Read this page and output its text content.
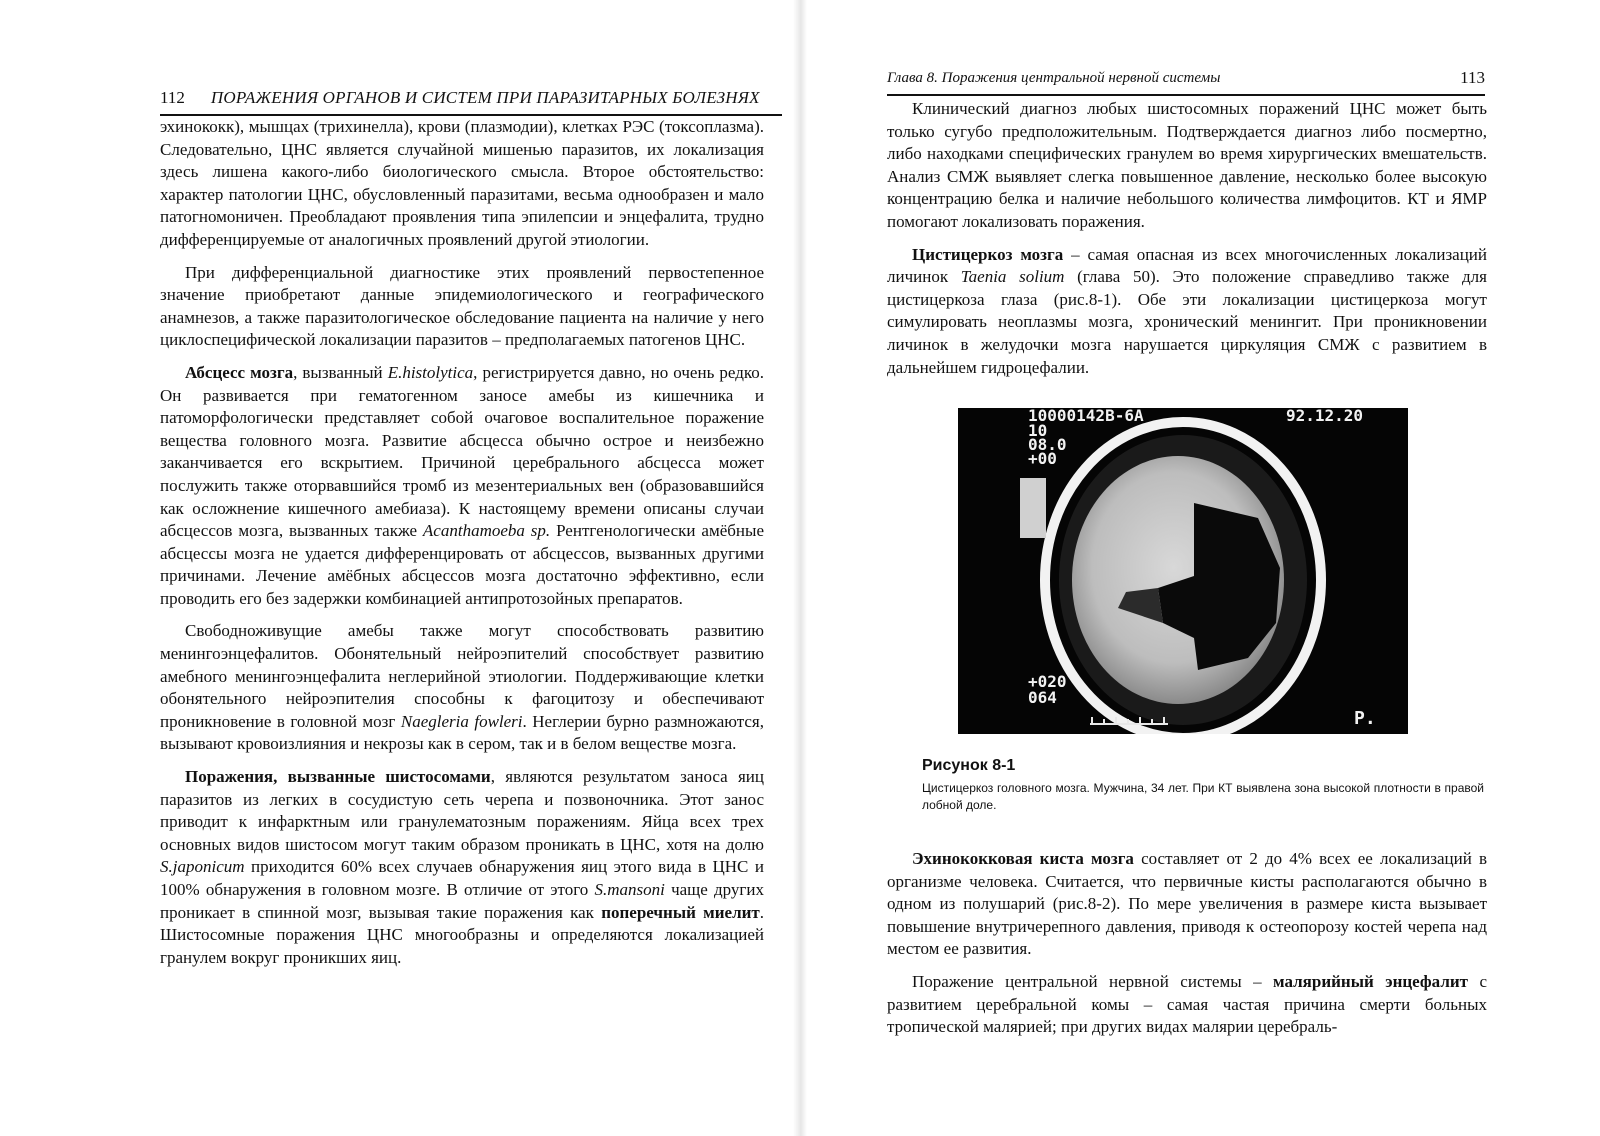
112 ПОРАЖЕНИЯ ОРГАНОВ И СИСТЕМ ПРИ ПАРАЗИТАРНЫХ БОЛЕЗНЯХ

эхинококк), мышцах (трихинелла), крови (плазмодии), клетках РЭС (токсоплазма). Следовательно, ЦНС является случайной мишенью паразитов, их локализация здесь лишена какого-либо биологического смысла. Второе обстоятельство: характер патологии ЦНС, обусловленный паразитами, весьма однообразен и мало патогномоничен. Преобладают проявления типа эпилепсии и энцефалита, трудно дифференцируемые от аналогичных проявлений другой этиологии.

При дифференциальной диагностике этих проявлений первостепенное значение приобретают данные эпидемиологического и географического анамнезов, а также паразитологическое обследование пациента на наличие у него циклоспецифической локализации паразитов – предполагаемых патогенов ЦНС.

Абсцесс мозга, вызванный E.histolytica, регистрируется давно, но очень редко. Он развивается при гематогенном заносе амебы из кишечника и патоморфологически представляет собой очаговое воспалительное поражение вещества головного мозга. Развитие абсцесса обычно острое и неизбежно заканчивается его вскрытием. Причиной церебрального абсцесса может послужить также оторвавшийся тромб из мезентериальных вен (образовавшийся как осложнение кишечного амебиаза). К настоящему времени описаны случаи абсцессов мозга, вызванных также Acanthamoeba sp. Рентгенологически амёбные абсцессы мозга не удается дифференцировать от абсцессов, вызванных другими причинами. Лечение амёбных абсцессов мозга достаточно эффективно, если проводить его без задержки комбинацией антипротозойных препаратов.

Свободноживущие амебы также могут способствовать развитию менингоэнцефалитов. Обонятельный нейроэпителий способствует развитию амебного менингоэнцефалита неглерийной этиологии. Поддерживающие клетки обонятельного нейроэпителия способны к фагоцитозу и обеспечивают проникновение в головной мозг Naegleria fowleri. Неглерии бурно размножаются, вызывают кровоизлияния и некрозы как в сером, так и в белом веществе мозга.

Поражения, вызванные шистосомами, являются результатом заноса яиц паразитов из легких в сосудистую сеть черепа и позвоночника. Этот занос приводит к инфарктным или гранулематозным поражениям. Яйца всех трех основных видов шистосом могут таким образом проникать в ЦНС, хотя на долю S.japonicum приходится 60% всех случаев обнаружения яиц этого вида в ЦНС и 100% обнаружения в головном мозге. В отличие от этого S.mansoni чаще других проникает в спинной мозг, вызывая такие поражения как поперечный миелит. Шистосомные поражения ЦНС многообразны и определяются локализацией гранулем вокруг проникших яиц.

Глава 8. Поражения центральной нервной системы	113

Клинический диагноз любых шистосомных поражений ЦНС может быть только сугубо предположительным. Подтверждается диагноз либо посмертно, либо находками специфических гранулем во время хирургических вмешательств. Анализ СМЖ выявляет слегка повышенное давление, несколько более высокую концентрацию белка и наличие небольшого количества лимфоцитов. КТ и ЯМР помогают локализовать поражения.

Цистицеркоз мозга – самая опасная из всех многочисленных локализаций личинок Taenia solium (глава 50). Это положение справедливо также для цистицеркоза глаза (рис.8-1). Обе эти локализации цистицеркоза могут симулировать неоплазмы мозга, хронический менингит. При проникновении личинок в желудочки мозга нарушается циркуляция СМЖ с развитием в дальнейшем гидроцефалии.

10000142B-6A	92.12.20
10
08.0
+00
+020
064
P.
Рисунок 8-1
Цистицеркоз головного мозга. Мужчина, 34 лет. При КТ выявлена зона высокой плотности в правой лобной доле.

Эхинококковая киста мозга составляет от 2 до 4% всех ее локализаций в организме человека. Считается, что первичные кисты располагаются обычно в одном из полушарий (рис.8-2). По мере увеличения в размере киста вызывает повышение внутричерепного давления, приводя к остеопорозу костей черепа над местом ее развития.

Поражение центральной нервной системы – малярийный энцефалит с развитием церебральной комы – самая частая причина смерти больных тропической малярией; при других видах малярии церебраль-
